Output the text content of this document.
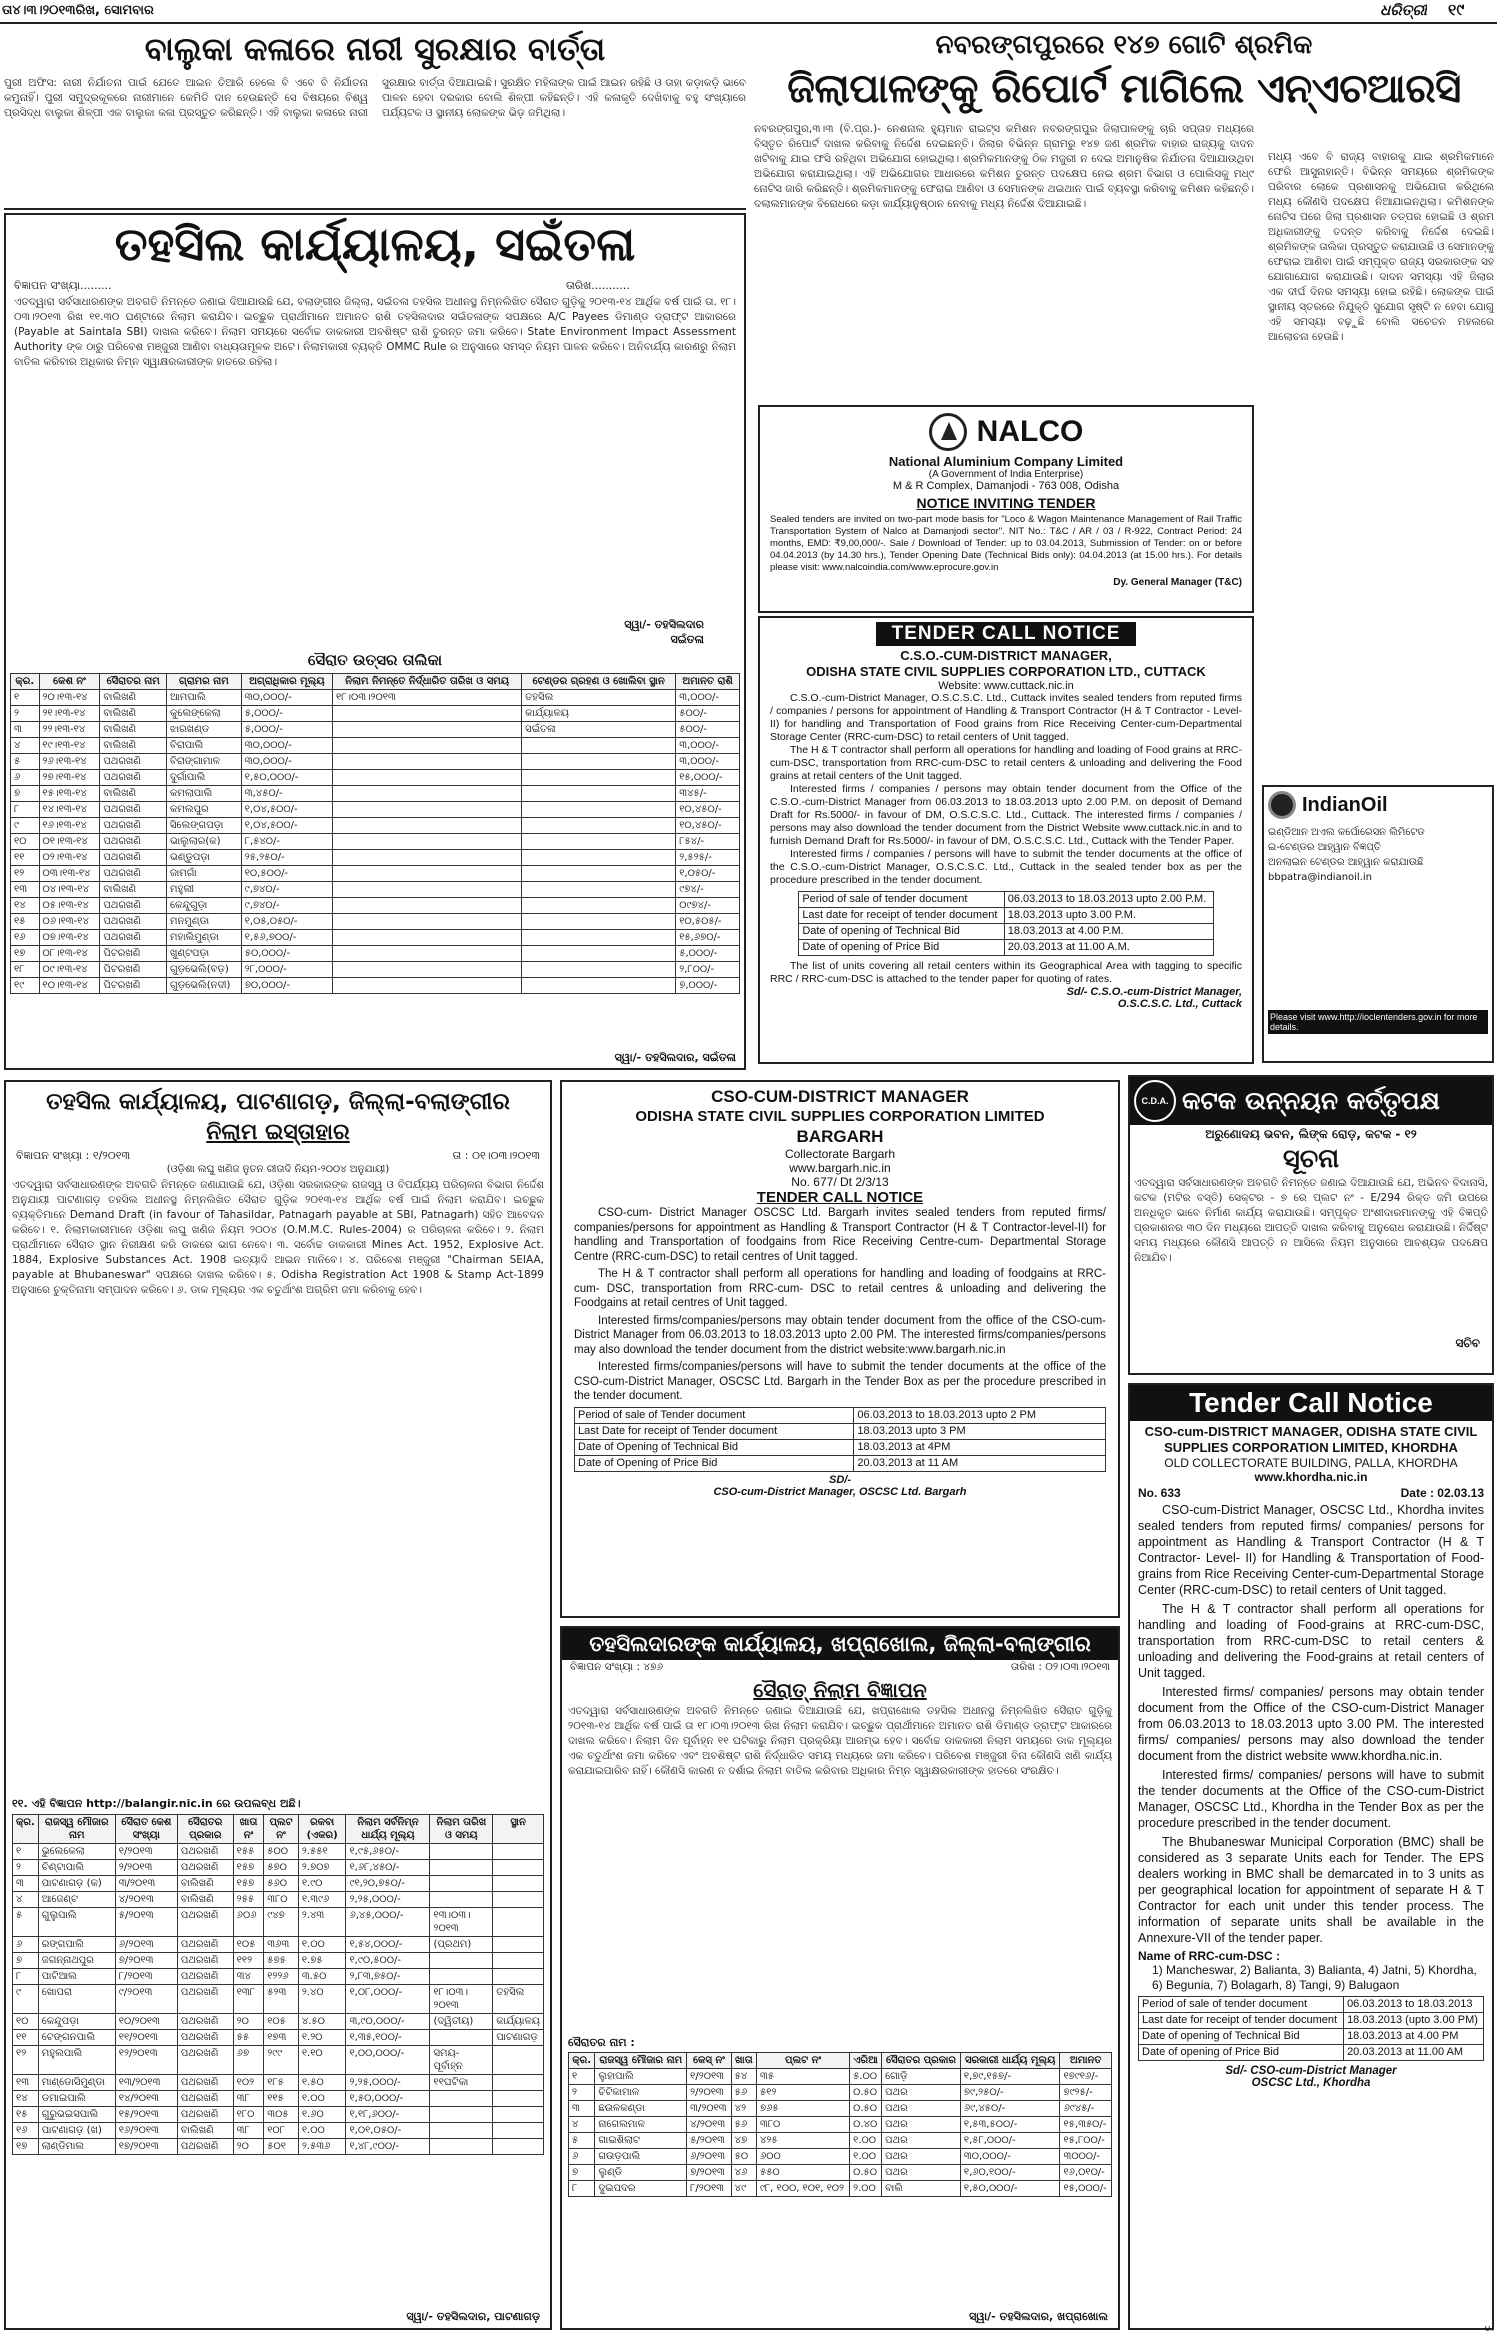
ତା୪।୩।୨୦୧୩ରିଖ, ସୋମବାର	ଧରିତ୍ରୀ ୧୯
ବାଲୁକା କଳାରେ ନାରୀ ସୁରକ୍ଷାର ବାର୍ତ୍ତା
ପୁରୀ ଅଫିସ: ନାରୀ ନିର୍ଯାତନା ପାଇଁ ଯେତେ ଆଇନ ତ‌ିଆରି ହେଲେ ବି ଏବେ ବି ନିର୍ଯାତନା କମୁନାହିଁ। ପୁରୀ ସମୁଦ୍ରକୂଳରେ ନାରୀମାନେ କେମିତି ଦାନ ହେଉଛନ୍ତି ସେ ବିଷୟରେ ବିଶ୍ୱ ପ୍ରସିଦ୍ଧ ବାଲୁକା ଶିଳ୍ପୀ ଏକ ବାଲୁକା କଳା ପ୍ରସ୍ତୁତ କରିଛନ୍ତି। ଏହି ବାଲୁକା କଳାରେ ନାରୀ ସୁରକ୍ଷାର ବାର୍ତ୍ତା ଦିଆଯାଇଛି। ସୁରକ୍ଷିତ ମହିଳାଙ୍କ ପାଇଁ ଆଇନ ରହିଛି ଓ ତାହା କଡ଼ାକଡ଼ି ଭାବେ ପାଳନ ହେବା ଦରକାର ବୋଲି ଶିଳ୍ପୀ କହିଛନ୍ତି। ଏହି କଳାକୃତି ଦେଖିବାକୁ ବହୁ ସଂଖ୍ୟାରେ ପର୍ଯ୍ୟଟକ ଓ ସ୍ଥାନୀୟ ଲୋକଙ୍କ ଭିଡ଼ ଜମିଥିଲା।
ତହସିଲ କାର୍ଯ୍ୟାଳୟ, ସଇଁତଳା
ବିଜ୍ଞାପନ ସଂଖ୍ୟା.........	ତାରିଖ...........
ଏତଦ୍ୱାରା ସର୍ବସାଧାରଣଙ୍କ ଅବଗତି ନିମନ୍ତେ ଜଣାଇ ଦିଆଯାଉଛି ଯେ, ବଲାଙ୍ଗୀର ଜିଲ୍ଲା, ସଇଁତଳା ତହସିଲ ଅଧୀନସ୍ଥ ନିମ୍ନଲିଖିତ ସୈରାତ ଗୁଡ଼ିକୁ ୨୦୧୩-୧୪ ଆର୍ଥିକ ବର୍ଷ ପାଇଁ ତା. ୧୮।୦୩।୨୦୧୩ ରିଖ ୧୧.୩୦ ଘଣ୍ଟାରେ ନିଲାମ କରାଯିବ। ଇଚ୍ଛୁକ ପ୍ରାର୍ଥୀମାନେ ଅମାନତ ରାଶି ତହସିଲଦାର ସଇଁତଳାଙ୍କ ସପକ୍ଷରେ A/C Payees ଡିମାଣ୍ଡ ଡ୍ରାଫ୍ଟ ଆକାରରେ (Payable at Saintala SBI) ଦାଖଲ କରିବେ। ନିଲାମ ସମୟରେ ସର୍ବୋଚ୍ଚ ଡାକକାରୀ ଅବଶିଷ୍ଟ ରାଶି ତୁରନ୍ତ ଜମା କରିବେ। State Environment Impact Assessment Authority ଙ୍କ ଠାରୁ ପରିବେଶ ମଞ୍ଜୁରୀ ଆଣିବା ବାଧ୍ୟତାମୂଳକ ଅଟେ। ନିଲାମକାରୀ ବ୍ୟକ୍ତି OMMC Rule ର ଅନୁସାରେ ସମସ୍ତ ନିୟମ ପାଳନ କରିବେ। ଅନିବାର୍ଯ୍ୟ କାରଣରୁ ନିଲାମ ବାତିଲ କରିବାର ଅଧିକାର ନିମ୍ନ ସ୍ୱାକ୍ଷରକାରୀଙ୍କ ହାତରେ ରହିଲା।
ସ୍ୱା/- ତହସିଲଦାର
ସଇଁତଳା
ସୈରାତ ଉତ୍ସର ତାଲିକା
କ୍ର.	କେଶ ନଂ	ସୈରାତର ନାମ	ଗ୍ରାମର ନାମ	ଅଗ୍ରାଧିକାର ମୂଲ୍ୟ	ନିଲାମ ନିମନ୍ତେ ନିର୍ଦ୍ଧାରିତ ତାରିଖ ଓ ସମୟ	ଟେଣ୍ଡର ଗ୍ରହଣ ଓ ଖୋଲିବା ସ୍ଥାନ	ଅମାନତ ରାଶି
୧	୨୦।୧୩-୧୪	ବାଲିଖଣି	ଆମପାଲି	୩୦,୦୦୦/-	୧୮।୦୩।୨୦୧୩	ତହସିଲ	୩,୦୦୦/-
୨	୨୧।୧୩-୧୪	ବାଲିଖଣି	କୁଲେଙ୍କେଲା	୫,୦୦୦/-		କାର୍ଯ୍ୟାଳୟ	୫୦୦/-
୩	୨୨।୧୩-୧୪	ବାଲିଖଣି	ଝାରଖଣ୍ଡ	୫,୦୦୦/-		ସଇଁତଳା	୫୦୦/-
୪	୧୯।୧୩-୧୪	ବାଲିଖଣି	ବିରାପାଲି	୩୦,୦୦୦/-			୩,୦୦୦/-
୫	୨୬।୧୩-୧୪	ପଥରଖଣି	ବିରାଙ୍ଗାମାଳ	୩୦,୦୦୦/-			୩,୦୦୦/-
୬	୨୭।୧୩-୧୪	ପଥରଖଣି	ଦୁର୍ଗାପାଲି	୧,୫୦,୦୦୦/-			୧୫,୦୦୦/-
୭	୧୫।୧୩-୧୪	ବାଲିଖଣି	କମଲାପାଲି	୩,୪୫୦/-			୩୪୫/-
୮	୧୪।୧୩-୧୪	ପଥରଖଣି	କମଲପୁର	୧,୦୪,୫୦୦/-			୧୦,୪୫୦/-
୯	୧୬।୧୩-୧୪	ପଥରଖଣି	ସିଲେଙ୍ଗପଡ଼ା	୧,୦୪,୫୦୦/-			୧୦,୪୫୦/-
୧୦	୦୧।୧୩-୧୪	ପଥରଖଣି	ଭାଲୁଲାର(କ)	୮,୫୪୦/-			୮୫୪/-
୧୧	୦୨।୧୩-୧୪	ପଥରଖଣି	ଭଣ୍ଡୁପଡ଼ା	୨୫,୨୫୦/-			୨,୫୨୫/-
୧୨	୦୩।୧୩-୧୪	ପଥରଖଣି	ଜାମଗାଁ	୧୦,୫୦୦/-			୧,୦୫୦/-
୧୩	୦୪।୧୩-୧୪	ବାଲିଖଣି	ମହୁଲୀ	୯,୭୪୦/-			୯୭୪/-
୧୪	୦୫।୧୩-୧୪	ପଥରଖଣି	କେନ୍ଦୁଗୁଡ଼ା	୯,୭୪୦/-			୦୯୭୪/-
୧୫	୦୬।୧୩-୧୪	ପଥରଖଣି	ମନମୁଣ୍ଡା	୧,୦୫,୦୫୦/-			୧୦,୫୦୫/-
୧୬	୦୭।୧୩-୧୪	ପଥରଖଣି	ମହାଲିମୁଣ୍ଡା	୧,୫୬,୭୦୦/-			୧୫,୬୭୦/-
୧୭	୦୮।୧୩-୧୪	ପିଟରଖଣି	ଖୁଣ୍ଟପଡ଼ା	୫୦,୦୦୦/-			୫,୦୦୦/-
୧୮	୦୯।୧୩-୧୪	ପିଟରଖଣି	ଗୁଡ଼ଭେଲି(ବଡ଼)	୨୮,୦୦୦/-			୨,୮୦୦/-
୧୯	୧୦।୧୩-୧୪	ପିଟରଖଣି	ଗୁଡ଼ଭେଲି(ନଦୀ)	୭୦,୦୦୦/-			୭,୦୦୦/-
ସ୍ୱା/- ତହସିଲଦାର, ସଇଁତଳା
ନବରଙ୍ଗପୁରରେ ୧୪୭ ଗୋଟି ଶ୍ରମିକ
ଜିଲାପାଳଙ୍କୁ ରିପୋର୍ଟ ମାଗିଲେ ଏନ୍‌ଏଚଆରସି
ନବରଙ୍ଗପୁର,୩।୩ (ବି.ପ୍ର.)- ନେଶନାଲ ହ୍ୟୁମାନ ରାଇଟ୍ସ କମିଶନ ନବରଙ୍ଗପୁର ଜିଲାପାଳଙ୍କୁ ଚାରି ସପ୍ତାହ ମଧ୍ୟରେ ବିସ୍ତୃତ ରିପୋର୍ଟ ଦାଖଲ କରିବାକୁ ନିର୍ଦ୍ଦେଶ ଦେଇଛନ୍ତି। ଜିଲାର ବିଭିନ୍ନ ଗ୍ରାମରୁ ୧୪୭ ଜଣ ଶ୍ରମିକ ବାହାର ରାଜ୍ୟକୁ ଦାଦନ ଖଟିବାକୁ ଯାଇ ଫସି ରହିଥିବା ଅଭିଯୋଗ ହୋଇଥିଲା। ଶ୍ରମିକମାନଙ୍କୁ ଠିକ ମଜୁରୀ ନ ଦେଇ ଅମାନୁଷିକ ନିର୍ଯାତନା ଦିଆଯାଉଥିବା ଅଭିଯୋଗ କରାଯାଇଥିଲା। ଏହି ଅଭିଯୋଗର ଆଧାରରେ କମିଶନ ତୁରନ୍ତ ପଦକ୍ଷେପ ନେଇ ଶ୍ରମ ବିଭାଗ ଓ ପୋଲିସକୁ ମଧ୍୯ ନୋଟିସ ଜାରି କରିଛନ୍ତି। ଶ୍ରମିକମାନଙ୍କୁ ଫେରାଇ ଆଣିବା ଓ ସେମାନଙ୍କ ଥଇଥାନ ପାଇଁ ବ୍ୟବସ୍ଥା କରିବାକୁ କମିଶନ କହିଛନ୍ତି। ଦଲାଲମାନଙ୍କ ବିରୋଧରେ କଡ଼ା କାର୍ଯ୍ୟାନୁଷ୍ଠାନ ନେବାକୁ ମଧ୍ୟ ନିର୍ଦ୍ଦେଶ ଦିଆଯାଇଛି।
ମଧ୍ୟ ଏବେ ବି ରାଜ୍ୟ ବାହାରକୁ ଯାଇ ଶ୍ରମିକମାନେ ଫେରି ଆସୁନାହାନ୍ତି। ବିଭିନ୍ନ ସମୟରେ ଶ୍ରମିକଙ୍କ ପରିବାର ଲୋକେ ପ୍ରଶାସନକୁ ଅଭିଯୋଗ କରିଥିଲେ ମଧ୍ୟ କୌଣସି ପଦକ୍ଷେପ ନିଆଯାଇନଥିଲା। କମିଶନଙ୍କ ନୋଟିସ ପରେ ଜିଲା ପ୍ରଶାସନ ତତ୍ପର ହୋଇଛି ଓ ଶ୍ରମ ଅଧିକାରୀଙ୍କୁ ତଦନ୍ତ କରିବାକୁ ନିର୍ଦ୍ଦେଶ ଦେଇଛି। ଶ୍ରମିକଙ୍କ ତାଲିକା ପ୍ରସ୍ତୁତ କରାଯାଉଛି ଓ ସେମାନଙ୍କୁ ଫେରାଇ ଆଣିବା ପାଇଁ ସମ୍ପୃକ୍ତ ରାଜ୍ୟ ସରକାରଙ୍କ ସହ ଯୋଗାଯୋଗ କରାଯାଉଛି। ଦାଦନ ସମସ୍ୟା ଏହି ଜିଲାର ଏକ ଦୀର୍ଘ ଦିନର ସମସ୍ୟା ହୋଇ ରହିଛି। ଲୋକଙ୍କ ପାଇଁ ସ୍ଥାନୀୟ ସ୍ତରରେ ନିଯୁକ୍ତି ସୁଯୋଗ ସୃଷ୍ଟି ନ ହେବା ଯୋଗୁ ଏହି ସମସ୍ୟା ବଢ଼ୁଛି ବୋଲି ସଚେତନ ମହଲରେ ଆଲୋଚନା ହେଉଛି।
NALCO
National Aluminium Company Limited
(A Government of India Enterprise)
M & R Complex, Damanjodi - 763 008, Odisha
NOTICE INVITING TENDER
Sealed tenders are invited on two-part mode basis for "Loco & Wagon Maintenance Management of Rail Traffic Transportation System of Nalco at Damanjodi sector". NIT No.: T&C / AR / 03 / R-922, Contract Period: 24 months, EMD: ₹9,00,000/-. Sale / Download of Tender: up to 03.04.2013, Submission of Tender: on or before 04.04.2013 (by 14.30 hrs.), Tender Opening Date (Technical Bids only): 04.04.2013 (at 15.00 hrs.). For details please visit: www.nalcoindia.com/www.eprocure.gov.in
Dy. General Manager (T&C)
TENDER CALL NOTICE
C.S.O.-CUM-DISTRICT MANAGER,
ODISHA STATE CIVIL SUPPLIES CORPORATION LTD., CUTTACK
Website: www.cuttack.nic.in

C.S.O.-cum-District Manager, O.S.C.S.C. Ltd., Cuttack invites sealed tenders from reputed firms / companies / persons for appointment of Handling & Transport Contractor (H & T Contractor - Level-II) for handling and Transportation of Food grains from Rice Receiving Center-cum-Departmental Storage Center (RRC-cum-DSC) to retail centers of Unit tagged.

The H & T contractor shall perform all operations for handling and loading of Food grains at RRC-cum-DSC, transportation from RRC-cum-DSC to retail centers & unloading and delivering the Food grains at retail centers of the Unit tagged.

Interested firms / companies / persons may obtain tender document from the Office of the C.S.O.-cum-District Manager from 06.03.2013 to 18.03.2013 upto 2.00 P.M. on deposit of Demand Draft for Rs.5000/- in favour of DM, O.S.C.S.C. Ltd., Cuttack. The interested firms / companies / persons may also download the tender document from the District Website www.cuttack.nic.in and to furnish Demand Draft for Rs.5000/- in favour of DM, O.S.C.S.C. Ltd., Cuttack with the Tender Paper.

Interested firms / companies / persons will have to submit the tender documents at the office of the C.S.O.-cum-District Manager, O.S.C.S.C. Ltd., Cuttack in the sealed tender box as per the procedure prescribed in the tender document.

Period of sale of tender document	06.03.2013 to 18.03.2013 upto 2.00 P.M.
Last date for receipt of tender document	18.03.2013 upto 3.00 P.M.
Date of opening of Technical Bid	18.03.2013 at 4.00 P.M.
Date of opening of Price Bid	20.03.2013 at 11.00 A.M.
The list of units covering all retail centers within its Geographical Area with tagging to specific RRC / RRC-cum-DSC is attached to the tender paper for quoting of rates.
Sd/- C.S.O.-cum-District Manager,
O.S.C.S.C. Ltd., Cuttack
IndianOil
ଇଣ୍ଡିଆନ ଅଏଲ କର୍ପୋରେସନ ଲିମିଟେଡ
ଇ-ଟେଣ୍ଡର ଆହ୍ୱାନ ବିଜ୍ଞପ୍ତି
ଅନଲାଇନ ଟେଣ୍ଡର ଆହ୍ୱାନ କରାଯାଉଛି
bbpatra@indianoil.in
Please visit www.http://ioclentenders.gov.in for more details.
ତହସିଲ କାର୍ଯ୍ୟାଳୟ, ପାଟଣାଗଡ଼, ଜିଲ୍ଲା-ବଲାଙ୍ଗୀର
ନିଲାମ ଇସ୍ତାହାର
ବିଜ୍ଞାପନ ସଂଖ୍ୟା : ୧/୨୦୧୩	ତା : ୦୧।୦୩।୨୦୧୩
(ଓଡ଼ିଶା ଲଘୁ ଖଣିଜ ନୁତନ ରୀତାଦି ନିୟମ-୨୦୦୪ ଅନୁଯାୟୀ)
ଏତଦ୍ୱାରା ସର୍ବସାଧାରଣଙ୍କ ଅବଗତି ନିମନ୍ତେ ଜଣାଯାଉଛି ଯେ, ଓଡ଼ିଶା ସରକାରଙ୍କ ରାଜସ୍ୱ ଓ ବିପର୍ଯ୍ୟୟ ପରିଚାଳନା ବିଭାଗ ନିର୍ଦ୍ଦେଶ ଅନୁଯାୟୀ ପାଟଣାଗଡ଼ ତହସିଲ ଅଧୀନସ୍ଥ ନିମ୍ନଲିଖିତ ସୈରାତ ଗୁଡ଼ିକ ୨୦୧୩-୧୪ ଆର୍ଥିକ ବର୍ଷ ପାଇଁ ନିଲାମ କରାଯିବ। ଇଚ୍ଛୁକ ବ୍ୟକ୍ତିମାନେ Demand Draft (in favour of Tahasildar, Patnagarh payable at SBI, Patnagarh) ସହିତ ଆବେଦନ କରିବେ। ୧. ନିଲାମକାରୀମାନେ ଓଡ଼ିଶା ଲଘୁ ଖଣିଜ ନିୟମ ୨୦୦୪ (O.M.M.C. Rules-2004) ର ପରିଚାଳନା କରିବେ। ୨. ନିଲାମ ପ୍ରାର୍ଥୀମାନେ ସୈରାତ ସ୍ଥାନ ନିରୀକ୍ଷଣ କରି ଡାକରେ ଭାଗ ନେବେ। ୩. ସର୍ବୋଚ୍ଚ ଡାକକାରୀ Mines Act. 1952, Explosive Act. 1884, Explosive Substances Act. 1908 ଇତ୍ୟାଦି ଆଇନ ମାନିବେ। ୪. ପରିବେଶ ମଞ୍ଜୁରୀ "Chairman SEIAA, payable at Bhubaneswar" ସପକ୍ଷରେ ଦାଖଲ କରିବେ। ୫. Odisha Registration Act 1908 & Stamp Act-1899 ଅନୁସାରେ ଚୁକ୍ତିନାମା ସମ୍ପାଦନ କରିବେ। ୬. ଡାକ ମୂଲ୍ୟର ଏକ ଚତୁର୍ଥାଂଶ ଅଗ୍ରିମ ଜମା କରିବାକୁ ହେବ।
୧୧. ଏହି ବିଜ୍ଞାପନ http://balangir.nic.in ରେ ଉପଲବ୍ଧ ଅଛି।
କ୍ର.	ରାଜସ୍ୱ ମୌଜାର ନାମ	ସୈରାତ କେଶ ସଂଖ୍ୟା	ସୈରାତର ପ୍ରକାର	ଖାତା ନଂ	ପ୍ଲଟ ନଂ	ରକବା (ଏକର)	ନିଲାମ ସର୍ବନିମ୍ନ ଧାର୍ଯ୍ୟ ମୂଲ୍ୟ	ନିଲାମ ତାରିଖ ଓ ସମୟ	ସ୍ଥାନ
୧	ଭୁଲେକେଲା	୧/୨୦୧୩	ପଥରଖଣି	୧୫୫	୫୦୦	୨.୫୫୧	୧,୯୫,୬୫୦/-		
୨	ଚିଣ୍ଟାପାଲି	୨/୨୦୧୩	ପଥରଖଣି	୧୫୭	୫୭୦	୨.୭୦୭	୧,୬୮,୪୫୦/-		
୩	ପାଟଣାଗଡ଼ (କ)	୩/୨୦୧୩	ବାଲିଖଣି	୧୫୭	୫୬୦	୧.୯୦	୯୧,୨୦,୭୫୦/-		
୪	ଆଜେଣ୍ଟ	୪/୨୦୧୩	ବାଲିଖଣି	୨୫୫	୩୮୦	୧.୩୯୬	୨,୨୫,୦୦୦/-		
୫	ଗୁଲୁପାଲି	୫/୨୦୧୩	ପଥରଖଣି	୬୦୬	୯୪୭	୨.୪୩	୬,୪୫,୦୦୦/-	୧୩।୦୩।୨୦୧୩	
୬	ରଙ୍ଗପାଲି	୬/୨୦୧୩	ପଥରଖଣି	୧୦୫	୩୬୩	୧.୦୦	୧,୫୪,୦୦୦/-	(ପ୍ରଥମ)	
୭	ଜଗନ୍ନାଥପୁର	୭/୨୦୧୩	ପଥରଖଣି	୧୧୨	୫୭୫	୧.୭୫	୧,୯୦,୫୦୦/-		
୮	ପାଟିଆଲ	୮/୨୦୧୩	ପଥରଖଣି	୩୪	୧୨୨୬	୩.୫୦	୨,୮୩,୭୫୦/-		
୯	ଖୋପରା	୯/୨୦୧୩	ପଥରଖଣି	୧୩୮	୫୨୩	୨.୪୦	୧,୦୮,୦୦୦/-	୧୮।୦୩।୨୦୧୩	ତହସିଲ
୧୦	କେନ୍ଦୁପଡ଼ା	୧୦/୨୦୧୩	ପଥରଖଣି	୨୦	୧୦୫	୪.୫୦	୩,୯୦,୦୦୦/-	(ଦ୍ୱିତୀୟ)	କାର୍ଯ୍ୟାଳୟ
୧୧	ଟେଙ୍ଗନପାଲି	୧୧/୨୦୧୩	ପଥରଖଣି	୫୫	୧୭୩	୧.୨୦	୧,୩୫,୧୦୦/-		ପାଟଣାଗଡ଼
୧୨	ମହୁଲପାଲି	୧୨/୨୦୧୩	ପଥରଖଣି	୬୭	୨୯୯	୧.୧୦	୧,୦୦,୦୦୦/-	ସମୟ- ପୂର୍ବାହ୍ନ	
୧୩	ମାଣ୍ଡୋସିମୁଣ୍ଡା	୧୩/୨୦୧୩	ପଥରଖଣି	୧୦୨	୧୮୫	୧.୫୦	୨,୨୫,୦୦୦/-	୧୧ଘଟିକା	
୧୪	ଡମାଇପାଲି	୧୪/୨୦୧୩	ପଥରଖଣି	୩୮	୧୧୫	୧.୦୦	୧,୫୦,୦୦୦/-		
୧୫	ଗୁରୁଭଇସପାଲି	୧୫/୨୦୧୩	ପଥରଖଣି	୧୮୦	୩୦୫	୧.୬୦	୧,୧୮,୬୦୦/-		
୧୬	ପାଟଣାଗଡ଼ (ଖ)	୧୬/୨୦୧୩	ବାଲିଖଣି	୩୮	୧୦୮	୧.୦୦	୧,୦୧,୦୫୦/-		
୧୭	ଲାଣ୍ଡିମାଲ	୧୭/୨୦୧୩	ପଥରଖଣି	୨୦	୫୦୧	୨.୫୩୬	୧,୪୮,୯୦୦/-		
ସ୍ୱା/- ତହସିଲଦାର, ପାଟଣାଗଡ଼
CSO-CUM-DISTRICT MANAGER
ODISHA STATE CIVIL SUPPLIES CORPORATION LIMITED
BARGARH
Collectorate Bargarh
www.bargarh.nic.in
No. 677/ Dt 2/3/13
TENDER CALL NOTICE

CSO-cum- District Manager OSCSC Ltd. Bargarh invites sealed tenders from reputed firms/ companies/persons for appointment as Handling & Transport Contractor (H & T Contractor-level-II) for handling and Transportation of foodgains from Rice Receiving Centre-cum- Departmental Storage Centre (RRC-cum-DSC) to retail centres of Unit tagged.

The H & T contractor shall perform all operations for handling and loading of foodgains at RRC-cum- DSC, transportation from RRC-cum- DSC to retail centres & unloading and delivering the Foodgains at retail centres of Unit tagged.

Interested firms/companies/persons may obtain tender document from the office of the CSO-cum- District Manager from 06.03.2013 to 18.03.2013 upto 2.00 PM. The interested firms/companies/persons may also download the tender document from the district website:www.bargarh.nic.in

Interested firms/companies/persons will have to submit the tender documents at the office of the CSO-cum-District Manager, OSCSC Ltd. Bargarh in the Tender Box as per the procedure prescribed in the tender document.

Period of sale of Tender document	06.03.2013 to 18.03.2013 upto 2 PM
Last Date for receipt of Tender document	18.03.2013 upto 3 PM
Date of Opening of Technical Bid	18.03.2013 at 4PM
Date of Opening of Price Bid	20.03.2013 at 11 AM
SD/-
CSO-cum-District Manager, OSCSC Ltd. Bargarh
ତହସିଲଦାରଙ୍କ କାର୍ଯ୍ୟାଳୟ, ଖପ୍ରାଖୋଲ, ଜିଲ୍ଲା-ବଲାଙ୍ଗୀର
ବିଜ୍ଞାପନ ସଂଖ୍ୟା : ୪୭୬	ତାରିଖ : ୦୨।୦୩।୨୦୧୩
ସୈରାତ୍ ନିଲାମ ବିଜ୍ଞାପନ
ଏତଦ୍ୱାରା ସର୍ବସାଧାରଣଙ୍କ ଅବଗତି ନିମନ୍ତେ ଜଣାଇ ଦିଆଯାଉଛି ଯେ, ଖପ୍ରାଖୋଲ ତହସିଲ ଅଧୀନସ୍ଥ ନିମ୍ନଲିଖିତ ସୈରାତ ଗୁଡ଼ିକୁ ୨୦୧୩-୧୪ ଆର୍ଥିକ ବର୍ଷ ପାଇଁ ତା ୧୮।୦୩।୨୦୧୩ ରିଖ ନିଲାମ କରାଯିବ। ଇଚ୍ଛୁକ ପ୍ରାର୍ଥୀମାନେ ଅମାନତ ରାଶି ଡିମାଣ୍ଡ ଡ୍ରାଫ୍ଟ ଆକାରରେ ଦାଖଲ କରିବେ। ନିଲାମ ଦିନ ପୂର୍ବାହ୍ନ ୧୧ ଘଟିକାରୁ ନିଲାମ ପ୍ରକ୍ରିୟା ଆରମ୍ଭ ହେବ। ସର୍ବୋଚ୍ଚ ଡାକକାରୀ ନିଲାମ ସମୟରେ ଡାକ ମୂଲ୍ୟର ଏକ ଚତୁର୍ଥାଂଶ ଜମା କରିବେ ଏବଂ ଅବଶିଷ୍ଟ ରାଶି ନିର୍ଦ୍ଧାରିତ ସମୟ ମଧ୍ୟରେ ଜମା କରିବେ। ପରିବେଶ ମଞ୍ଜୁରୀ ବିନା କୌଣସି ଖଣି କାର୍ଯ୍ୟ କରାଯାଇପାରିବ ନାହିଁ। କୌଣସି କାରଣ ନ ଦର୍ଶାଇ ନିଲାମ ବାତିଲ କରିବାର ଅଧିକାର ନିମ୍ନ ସ୍ୱାକ୍ଷରକାରୀଙ୍କ ହାତରେ ସଂରକ୍ଷିତ।
ସୈରାତର ନାମ :
କ୍ର.	ରାଜସ୍ୱ ମୌଜାର ନାମ	କେସ୍ ନଂ	ଖାତା	ପ୍ଲଟ ନଂ	ଏରିଆ	ସୈରାତର ପ୍ରକାର	ସରକାରୀ ଧାର୍ଯ୍ୟ ମୂଲ୍ୟ	ଅମାନତ
୧	ଲୁହାପାଲି	୧/୨୦୧୩	୫୪	୩୫	୫.୦୦	ଗୋଡ଼ି	୧,୭୯,୧୫୭/-	୧୭୯୧୬/-
୨	ଚିଟିକାମାଳ	୨/୨୦୧୩	୫୬	୫୧୨	୦.୫୦	ପଥର	୭୯,୨୫୦/-	୭୯୨୫/-
୩	ଛଉଳକଣ୍ଡା	୩/୨୦୧୩	୪୨	୭୬୫	୦.୫୦	ପଥର	୬୯,୪୫୦/-	୬୯୪୫/-
୪	ନାଗେଲମାଳ	୪/୨୦୧୩	୫୬	୩୮୦	୦.୪୦	ପଥର	୧,୫୩,୫୦୦/-	୧୫,୩୫୦/-
୫	ଗାଇଶିଲାଟ	୫/୨୦୧୩	୪୭	୪୨୫	୧.୦୦	ପଥର	୧,୫୮,୦୦୦/-	୧୫,୮୦୦/-
୬	ଗଉଡ଼ପାଲି	୬/୨୦୧୩	୫୦	୬୦୦	୧.୦୦	ପଥର	୩୦,୦୦୦/-	୩୦୦୦/-
୭	ଲୁଣ୍ଡି	୭/୨୦୧୩	୪୬	୫୫୦	୦.୫୦	ପଥର	୧,୬୦,୧୦୦/-	୧୬,୦୧୦/-
୮	ଦୁଇପଦର	୮/୨୦୧୩	୪୯	୯୮, ୧୦୦, ୧୦୧, ୧୦୨	୨.୦୦	ବାଲି	୧,୫୦,୦୦୦/-	୧୫,୦୦୦/-
ସ୍ୱା/- ତହସିଲଦାର, ଖପ୍ରାଖୋଲ
C.D.A. କଟକ ଉନ୍ନୟନ କର୍ତ୍ତୃପକ୍ଷ
ଅରୁଣୋଦୟ ଭବନ, ଲିଙ୍କ ରୋଡ଼, କଟକ - ୧୨
ସୂଚନା
ଏତଦ୍ୱାରା ସର୍ବସାଧାରଣଙ୍କ ଅବଗତି ନିମନ୍ତେ ଜଣାଇ ଦିଆଯାଉଛି ଯେ, ଅଭିନବ ବିଦାନାସି, କଟକ (ମଟିର ବସ୍ତି) ସେକ୍ଟର - ୭ ରେ ପ୍ଲଟ ନଂ - E/294 ରିକ୍ତ ଜମି ଉପରେ ଅନଧିକୃତ ଭାବେ ନିର୍ମାଣ କାର୍ଯ୍ୟ କରାଯାଉଛି। ସମ୍ପୃକ୍ତ ଅଂଶୀଦାରମାନଙ୍କୁ ଏହି ବିଜ୍ଞପ୍ତି ପ୍ରକାଶନର ୩୦ ଦିନ ମଧ୍ୟରେ ଆପତ୍ତି ଦାଖଲ କରିବାକୁ ଅନୁରୋଧ କରାଯାଉଛି। ନିର୍ଦ୍ଦିଷ୍ଟ ସମୟ ମଧ୍ୟରେ କୌଣସି ଆପତ୍ତି ନ ଆସିଲେ ନିୟମ ଅନୁସାରେ ଆବଶ୍ୟକ ପଦକ୍ଷେପ ନିଆଯିବ।
ସଚିବ
Tender Call Notice
CSO-cum-DISTRICT MANAGER, ODISHA STATE CIVIL SUPPLIES CORPORATION LIMITED, KHORDHA
OLD COLLECTORATE BUILDING, PALLA, KHORDHA
www.khordha.nic.in
No. 633	Date : 02.03.13

CSO-cum-District Manager, OSCSC Ltd., Khordha invites sealed tenders from reputed firms/ companies/ persons for appointment as Handling & Transport Contractor (H & T Contractor- Level- II) for Handling & Transportation of Food-grains from Rice Receiving Center-cum-Departmental Storage Center (RRC-cum-DSC) to retail centers of Unit tagged.

The H & T contractor shall perform all operations for handling and loading of Food-grains at RRC-cum-DSC, transportation from RRC-cum-DSC to retail centers & unloading and delivering the Food-grains at retail centers of Unit tagged.

Interested firms/ companies/ persons may obtain tender document from the Office of the CSO-cum-District Manager from 06.03.2013 to 18.03.2013 upto 3.00 PM. The interested firms/ companies/ persons may also download the tender document from the district website www.khordha.nic.in.

Interested firms/ companies/ persons will have to submit the tender documents at the Office of the CSO-cum-District Manager, OSCSC Ltd., Khordha in the Tender Box as per the procedure prescribed in the tender document.

The Bhubaneswar Municipal Corporation (BMC) shall be considered as 3 separate Units each for Tender. The EPS dealers working in BMC shall be demarcated in to 3 units as per geographical location for appointment of separate H & T Contractor for each unit under this tender process. The information of separate units shall be available in the Annexure-VII of the tender paper.

Name of RRC-cum-DSC :
1) Mancheswar, 2) Balianta, 3) Balianta, 4) Jatni, 5) Khordha, 6) Begunia, 7) Bolagarh, 8) Tangi, 9) Balugaon
Period of sale of tender document	06.03.2013 to 18.03.2013
Last date for receipt of tender document	18.03.2013 (upto 3.00 PM)
Date of opening of Technical Bid	18.03.2013 at 4.00 PM
Date of opening of Price Bid	20.03.2013 at 11.00 AM
Sd/- CSO-cum-District Manager
OSCSC Ltd., Khordha
07
